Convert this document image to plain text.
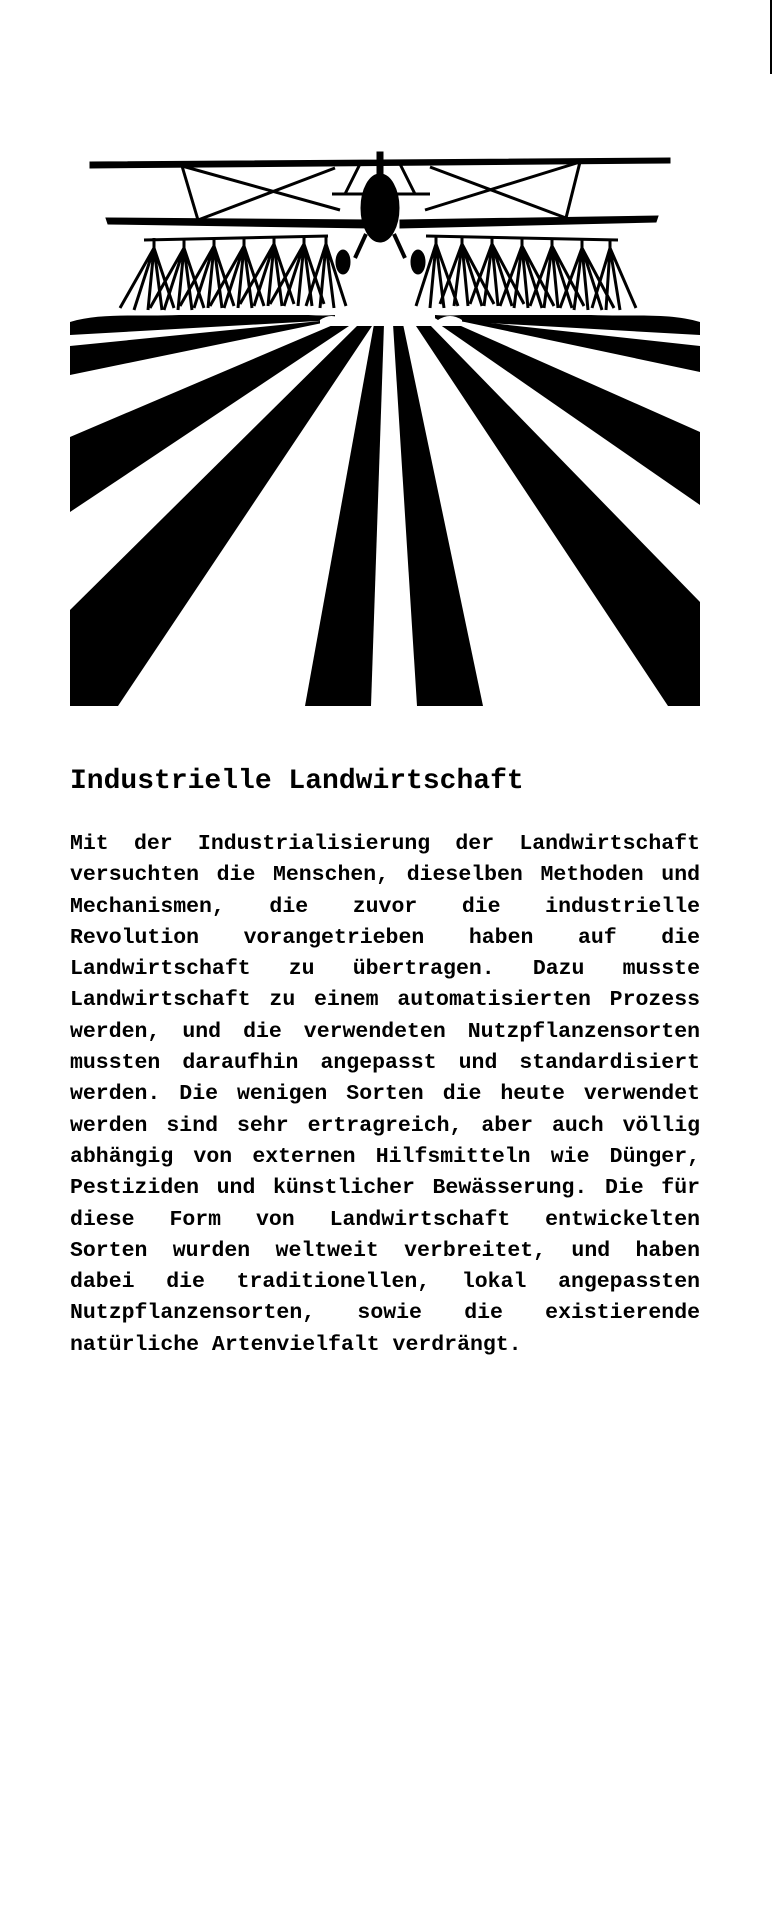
Industrielle Landwirtschaft

Mit der Industrialisierung der Landwirtschaft versuchten die Menschen, dieselben Methoden und Mechanismen, die zuvor die industrielle Revolution vorangetrieben haben auf die Landwirtschaft zu übertragen. Dazu musste Landwirtschaft zu einem automatisierten Prozess werden, und die verwendeten Nutzpflanzensorten mussten daraufhin angepasst und standardisiert werden. Die wenigen Sorten die heute verwendet werden sind sehr ertragreich, aber auch völlig abhängig von externen Hilfsmitteln wie Dünger, Pestiziden und künstlicher Bewässerung. Die für diese Form von Landwirtschaft entwickelten Sorten wurden weltweit verbreitet, und haben dabei die traditionellen, lokal angepassten Nutzpflanzensorten, sowie die existierende natürliche Artenvielfalt verdrängt.
